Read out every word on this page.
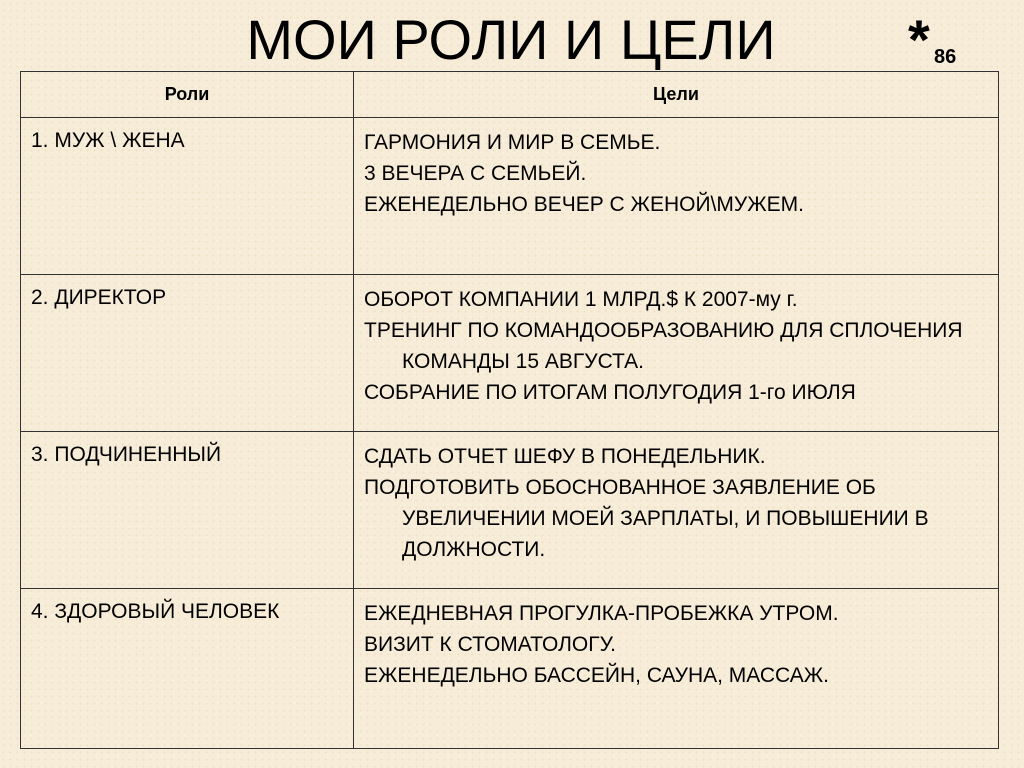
МОИ РОЛИ И ЦЕЛИ	* 86
Роли	Цели
1. МУЖ \ ЖЕНА	ГАРМОНИЯ И МИР В СЕМЬЕ.
3 ВЕЧЕРА С СЕМЬЕЙ.
ЕЖЕНЕДЕЛЬНО ВЕЧЕР С ЖЕНОЙ\МУЖЕМ.

2. ДИРЕКТОР	ОБОРОТ КОМПАНИИ 1 МЛРД.$ К 2007-му г.
ТРЕНИНГ ПО КОМАНДООБРАЗОВАНИЮ ДЛЯ СПЛОЧЕНИЯ КОМАНДЫ 15 АВГУСТА.
СОБРАНИЕ ПО ИТОГАМ ПОЛУГОДИЯ 1-го ИЮЛЯ

3. ПОДЧИНЕННЫЙ	СДАТЬ ОТЧЕТ ШЕФУ В ПОНЕДЕЛЬНИК.
ПОДГОТОВИТЬ ОБОСНОВАННОЕ ЗАЯВЛЕНИЕ ОБ УВЕЛИЧЕНИИ МОЕЙ ЗАРПЛАТЫ, И ПОВЫШЕНИИ В ДОЛЖНОСТИ.

4. ЗДОРОВЫЙ ЧЕЛОВЕК	ЕЖЕДНЕВНАЯ ПРОГУЛКА-ПРОБЕЖКА УТРОМ.
ВИЗИТ К СТОМАТОЛОГУ.
ЕЖЕНЕДЕЛЬНО БАССЕЙН, САУНА, МАССАЖ.
